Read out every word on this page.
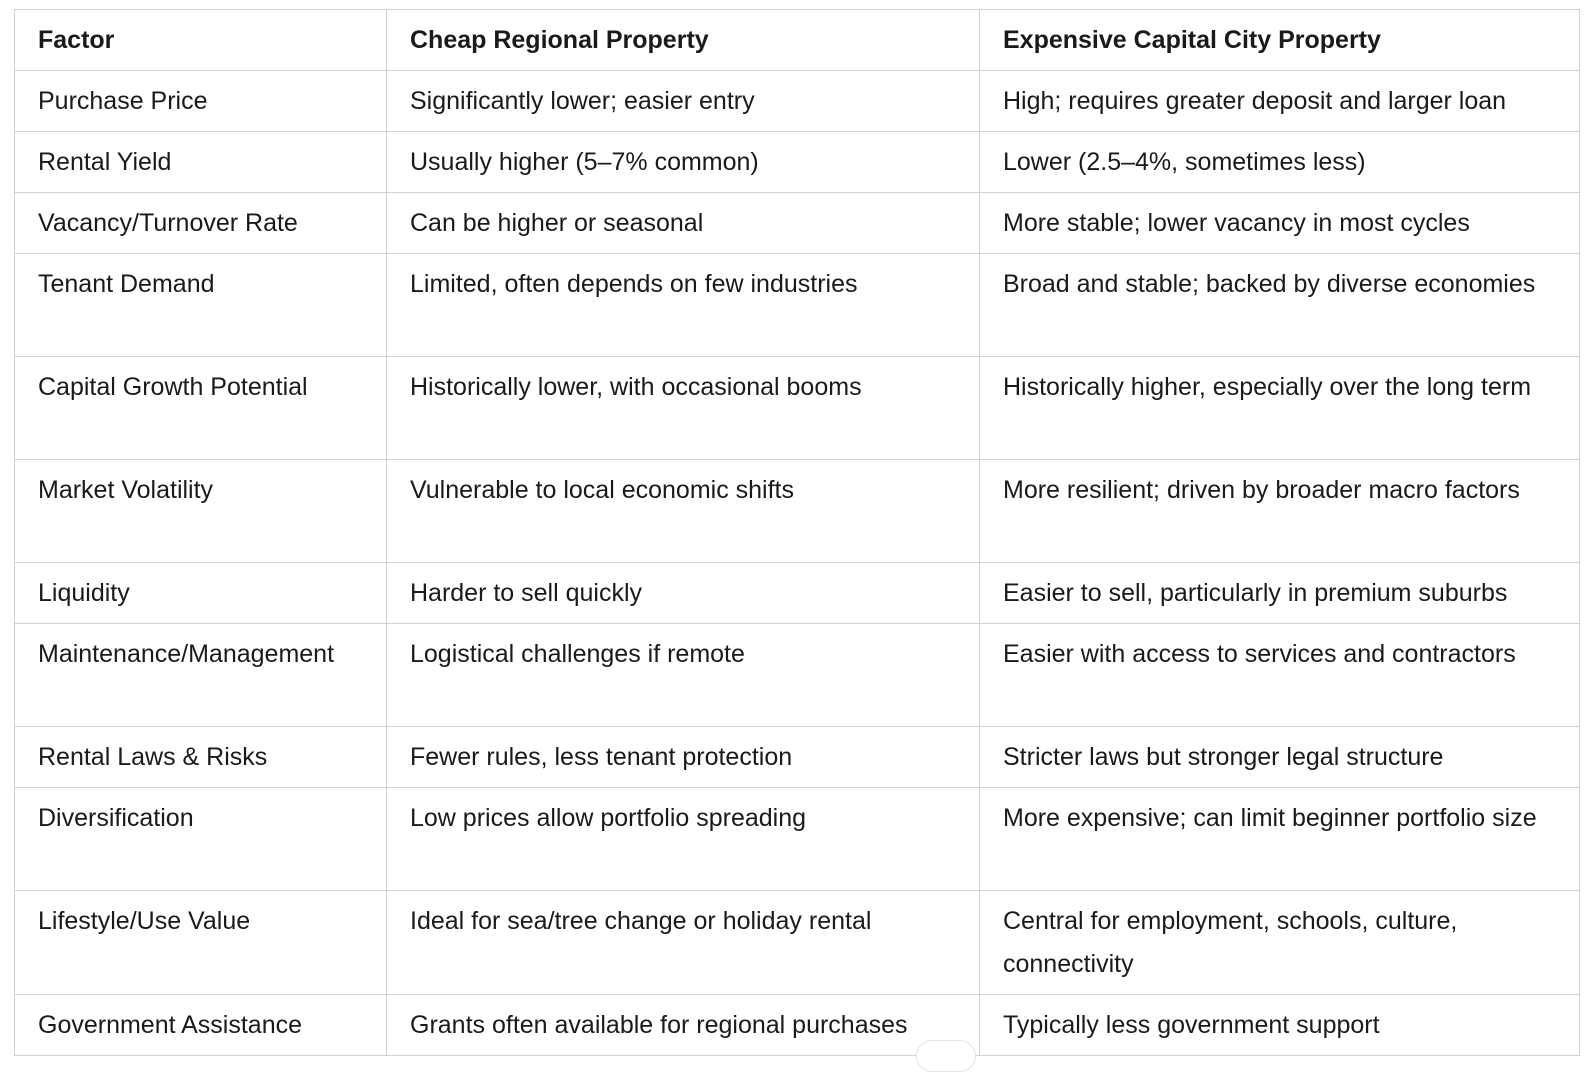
Factor	Cheap Regional Property	Expensive Capital City Property
Purchase Price	Significantly lower; easier entry	High; requires greater deposit and larger loan
Rental Yield	Usually higher (5–7% common)	Lower (2.5–4%, sometimes less)
Vacancy/Turnover Rate	Can be higher or seasonal	More stable; lower vacancy in most cycles
Tenant Demand	Limited, often depends on few industries	Broad and stable; backed by diverse economies
Capital Growth Potential	Historically lower, with occasional booms	Historically higher, especially over the long term
Market Volatility	Vulnerable to local economic shifts	More resilient; driven by broader macro factors
Liquidity	Harder to sell quickly	Easier to sell, particularly in premium suburbs
Maintenance/Management	Logistical challenges if remote	Easier with access to services and contractors
Rental Laws & Risks	Fewer rules, less tenant protection	Stricter laws but stronger legal structure
Diversification	Low prices allow portfolio spreading	More expensive; can limit beginner portfolio size
Lifestyle/Use Value	Ideal for sea/tree change or holiday rental	Central for employment, schools, culture, connectivity
Government Assistance	Grants often available for regional purchases	Typically less government support
